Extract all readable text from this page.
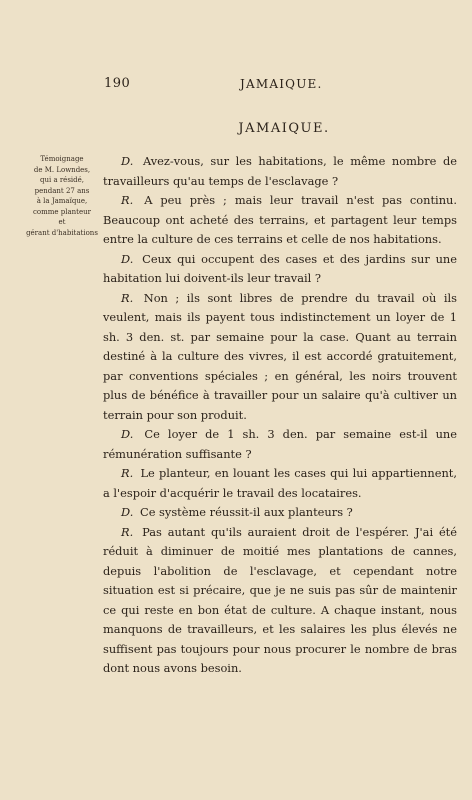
190	JAMAIQUE.
JAMAIQUE.
Témoignage
de M. Lowndes,
qui a résidé,
pendant 27 ans
à la Jamaïque,
comme planteur
et
gérant d'habitations

D. Avez-vous, sur les habitations, le même nombre de travailleurs qu'au temps de l'esclavage ?

R. A peu près ; mais leur travail n'est pas continu. Beaucoup ont acheté des terrains, et partagent leur temps entre la culture de ces terrains et celle de nos habitations.

D. Ceux qui occupent des cases et des jardins sur une habitation lui doivent-ils leur travail ?

R. Non ; ils sont libres de prendre du travail où ils veulent, mais ils payent tous indistinctement un loyer de 1 sh. 3 den. st. par semaine pour la case. Quant au terrain destiné à la culture des vivres, il est accordé gratuitement, par conventions spéciales ; en général, les noirs trouvent plus de bénéfice à travailler pour un salaire qu'à cultiver un terrain pour son produit.

D. Ce loyer de 1 sh. 3 den. par semaine est-il une rémunération suffisante ?

R. Le planteur, en louant les cases qui lui appartiennent, a l'espoir d'acquérir le travail des locataires.

D. Ce système réussit-il aux planteurs ?

R. Pas autant qu'ils auraient droit de l'espérer. J'ai été réduit à diminuer de moitié mes plantations de cannes, depuis l'abolition de l'esclavage, et cependant notre situation est si précaire, que je ne suis pas sûr de maintenir ce qui reste en bon état de culture. A chaque instant, nous manquons de travailleurs, et les salaires les plus élevés ne suffisent pas toujours pour nous procurer le nombre de bras dont nous avons besoin.
